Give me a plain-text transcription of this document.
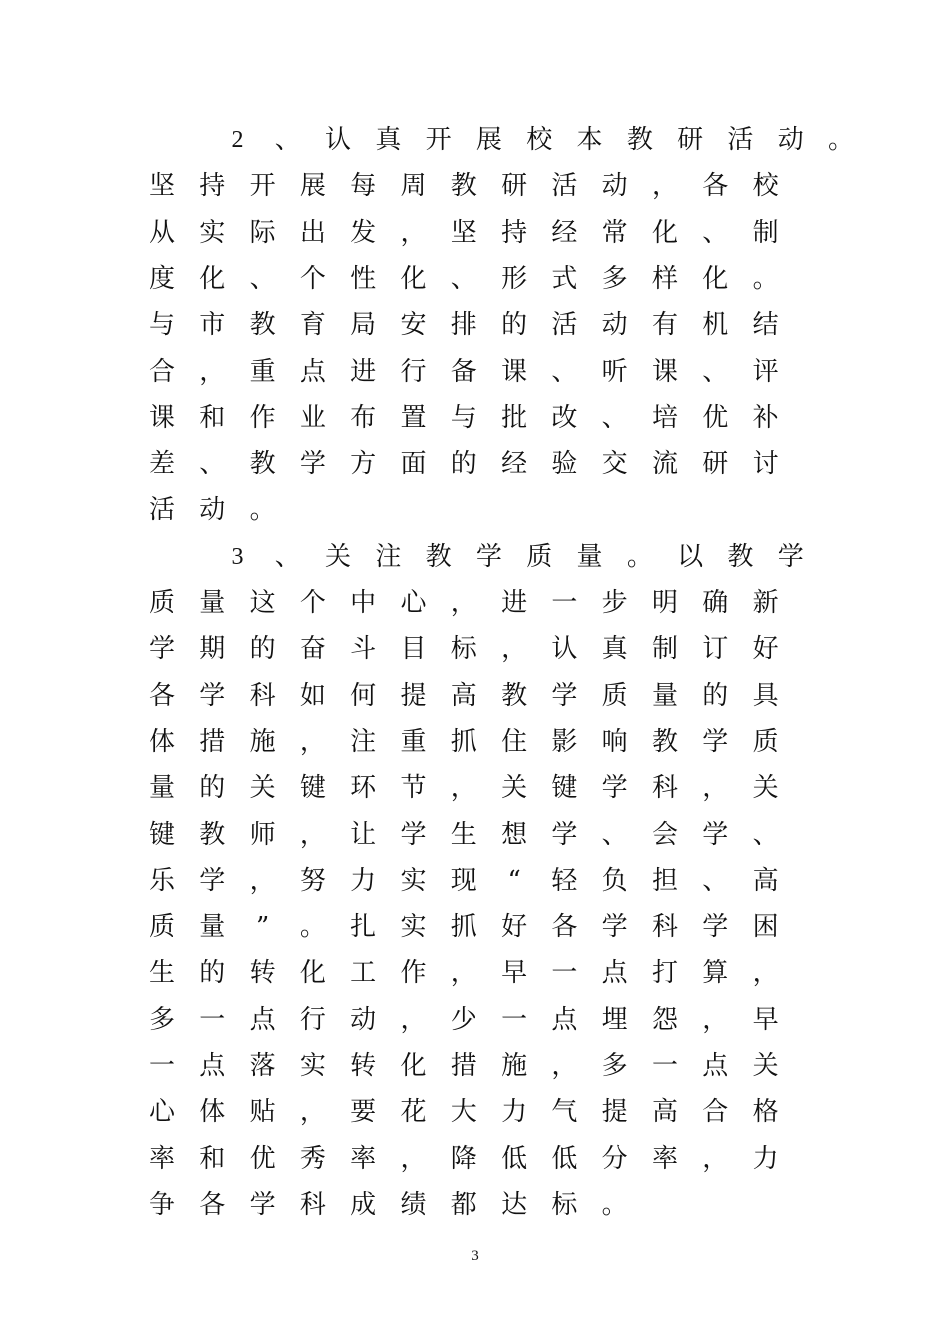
2	、 认 真 开 展 校 本 教 研 活 动 。
坚 持 开 展 每 周 教 研 活 动 ， 各 校
从 实 际 出 发 ， 坚 持 经 常 化 、 制
度 化 、 个 性 化 、 形 式 多 样 化 。
与 市 教 育 局 安 排 的 活 动 有 机 结
合 ， 重 点 进 行 备 课 、 听 课 、 评
课 和 作 业 布 置 与 批 改 、 培 优 补
差 、 教 学 方 面 的 经 验 交 流 研 讨
活 动 。
3	、 关 注 教 学 质 量 。 以 教 学
质 量 这 个 中 心 ， 进 一 步 明 确 新
学 期 的 奋 斗 目 标 ， 认 真 制 订 好
各 学 科 如 何 提 高 教 学 质 量 的 具
体 措 施 ， 注 重 抓 住 影 响 教 学 质
量 的 关 键 环 节 ， 关 键 学 科 ， 关
键 教 师 ， 让 学 生 想 学 、 会 学 、
乐 学 ， 努 力 实 现	“	轻 负 担 、 高
质 量	”	。 扎 实 抓 好 各 学 科 学 困
生 的 转 化 工 作 ， 早 一 点 打 算 ，
多 一 点 行 动 ， 少 一 点 埋 怨 ， 早
一 点 落 实 转 化 措 施 ， 多 一 点 关
心 体 贴 ， 要 花 大 力 气 提 高 合 格
率 和 优 秀 率 ， 降 低 低 分 率 ， 力
争 各 学 科 成 绩 都 达 标 。
3
